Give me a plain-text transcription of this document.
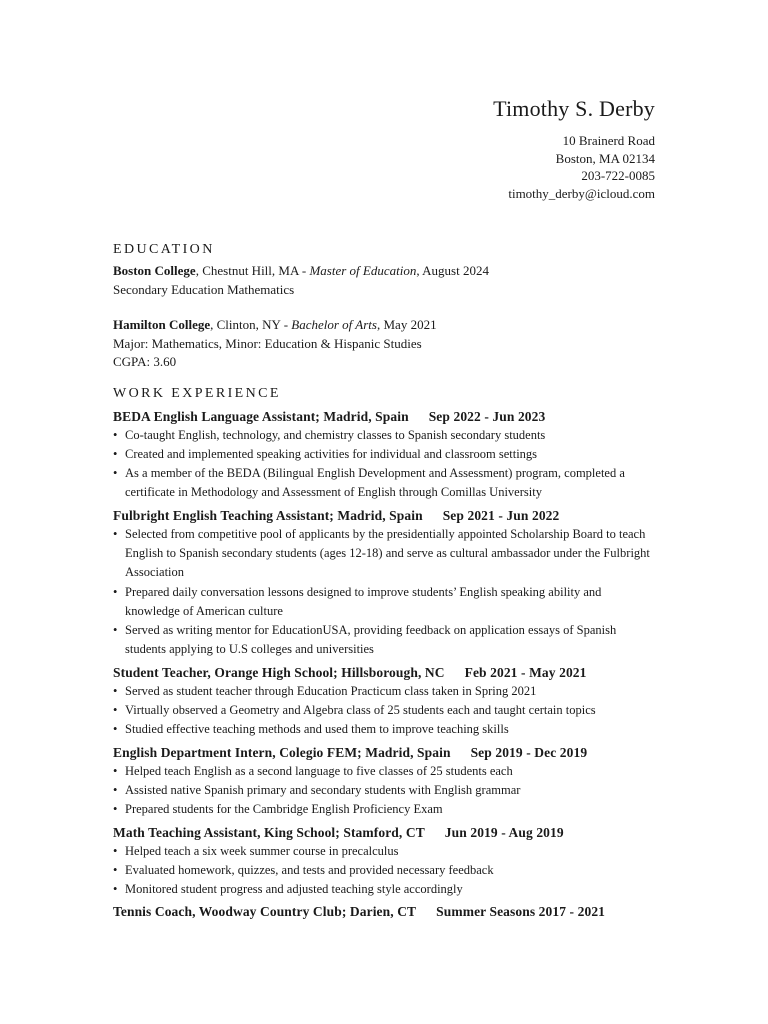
Timothy S. Derby
10 Brainerd Road
Boston, MA 02134
203-722-0085
timothy_derby@icloud.com
EDUCATION
Boston College, Chestnut Hill, MA - Master of Education, August 2024
Secondary Education Mathematics
Hamilton College, Clinton, NY - Bachelor of Arts, May 2021
Major: Mathematics, Minor: Education & Hispanic Studies
CGPA: 3.60
WORK EXPERIENCE
BEDA English Language Assistant; Madrid, Spain Sep 2022 - Jun 2023
• Co-taught English, technology, and chemistry classes to Spanish secondary students
• Created and implemented speaking activities for individual and classroom settings
• As a member of the BEDA (Bilingual English Development and Assessment) program, completed a certificate in Methodology and Assessment of English through Comillas University
Fulbright English Teaching Assistant; Madrid, Spain Sep 2021 - Jun 2022
• Selected from competitive pool of applicants by the presidentially appointed Scholarship Board to teach English to Spanish secondary students (ages 12-18) and serve as cultural ambassador under the Fulbright Association
• Prepared daily conversation lessons designed to improve students’ English speaking ability and knowledge of American culture
• Served as writing mentor for EducationUSA, providing feedback on application essays of Spanish students applying to U.S colleges and universities
Student Teacher, Orange High School; Hillsborough, NC Feb 2021 - May 2021
• Served as student teacher through Education Practicum class taken in Spring 2021
• Virtually observed a Geometry and Algebra class of 25 students each and taught certain topics
• Studied effective teaching methods and used them to improve teaching skills
English Department Intern, Colegio FEM; Madrid, Spain Sep 2019 - Dec 2019
• Helped teach English as a second language to five classes of 25 students each
• Assisted native Spanish primary and secondary students with English grammar
• Prepared students for the Cambridge English Proficiency Exam
Math Teaching Assistant, King School; Stamford, CT Jun 2019 - Aug 2019
• Helped teach a six week summer course in precalculus
• Evaluated homework, quizzes, and tests and provided necessary feedback
• Monitored student progress and adjusted teaching style accordingly
Tennis Coach, Woodway Country Club; Darien, CT Summer Seasons 2017 - 2021
